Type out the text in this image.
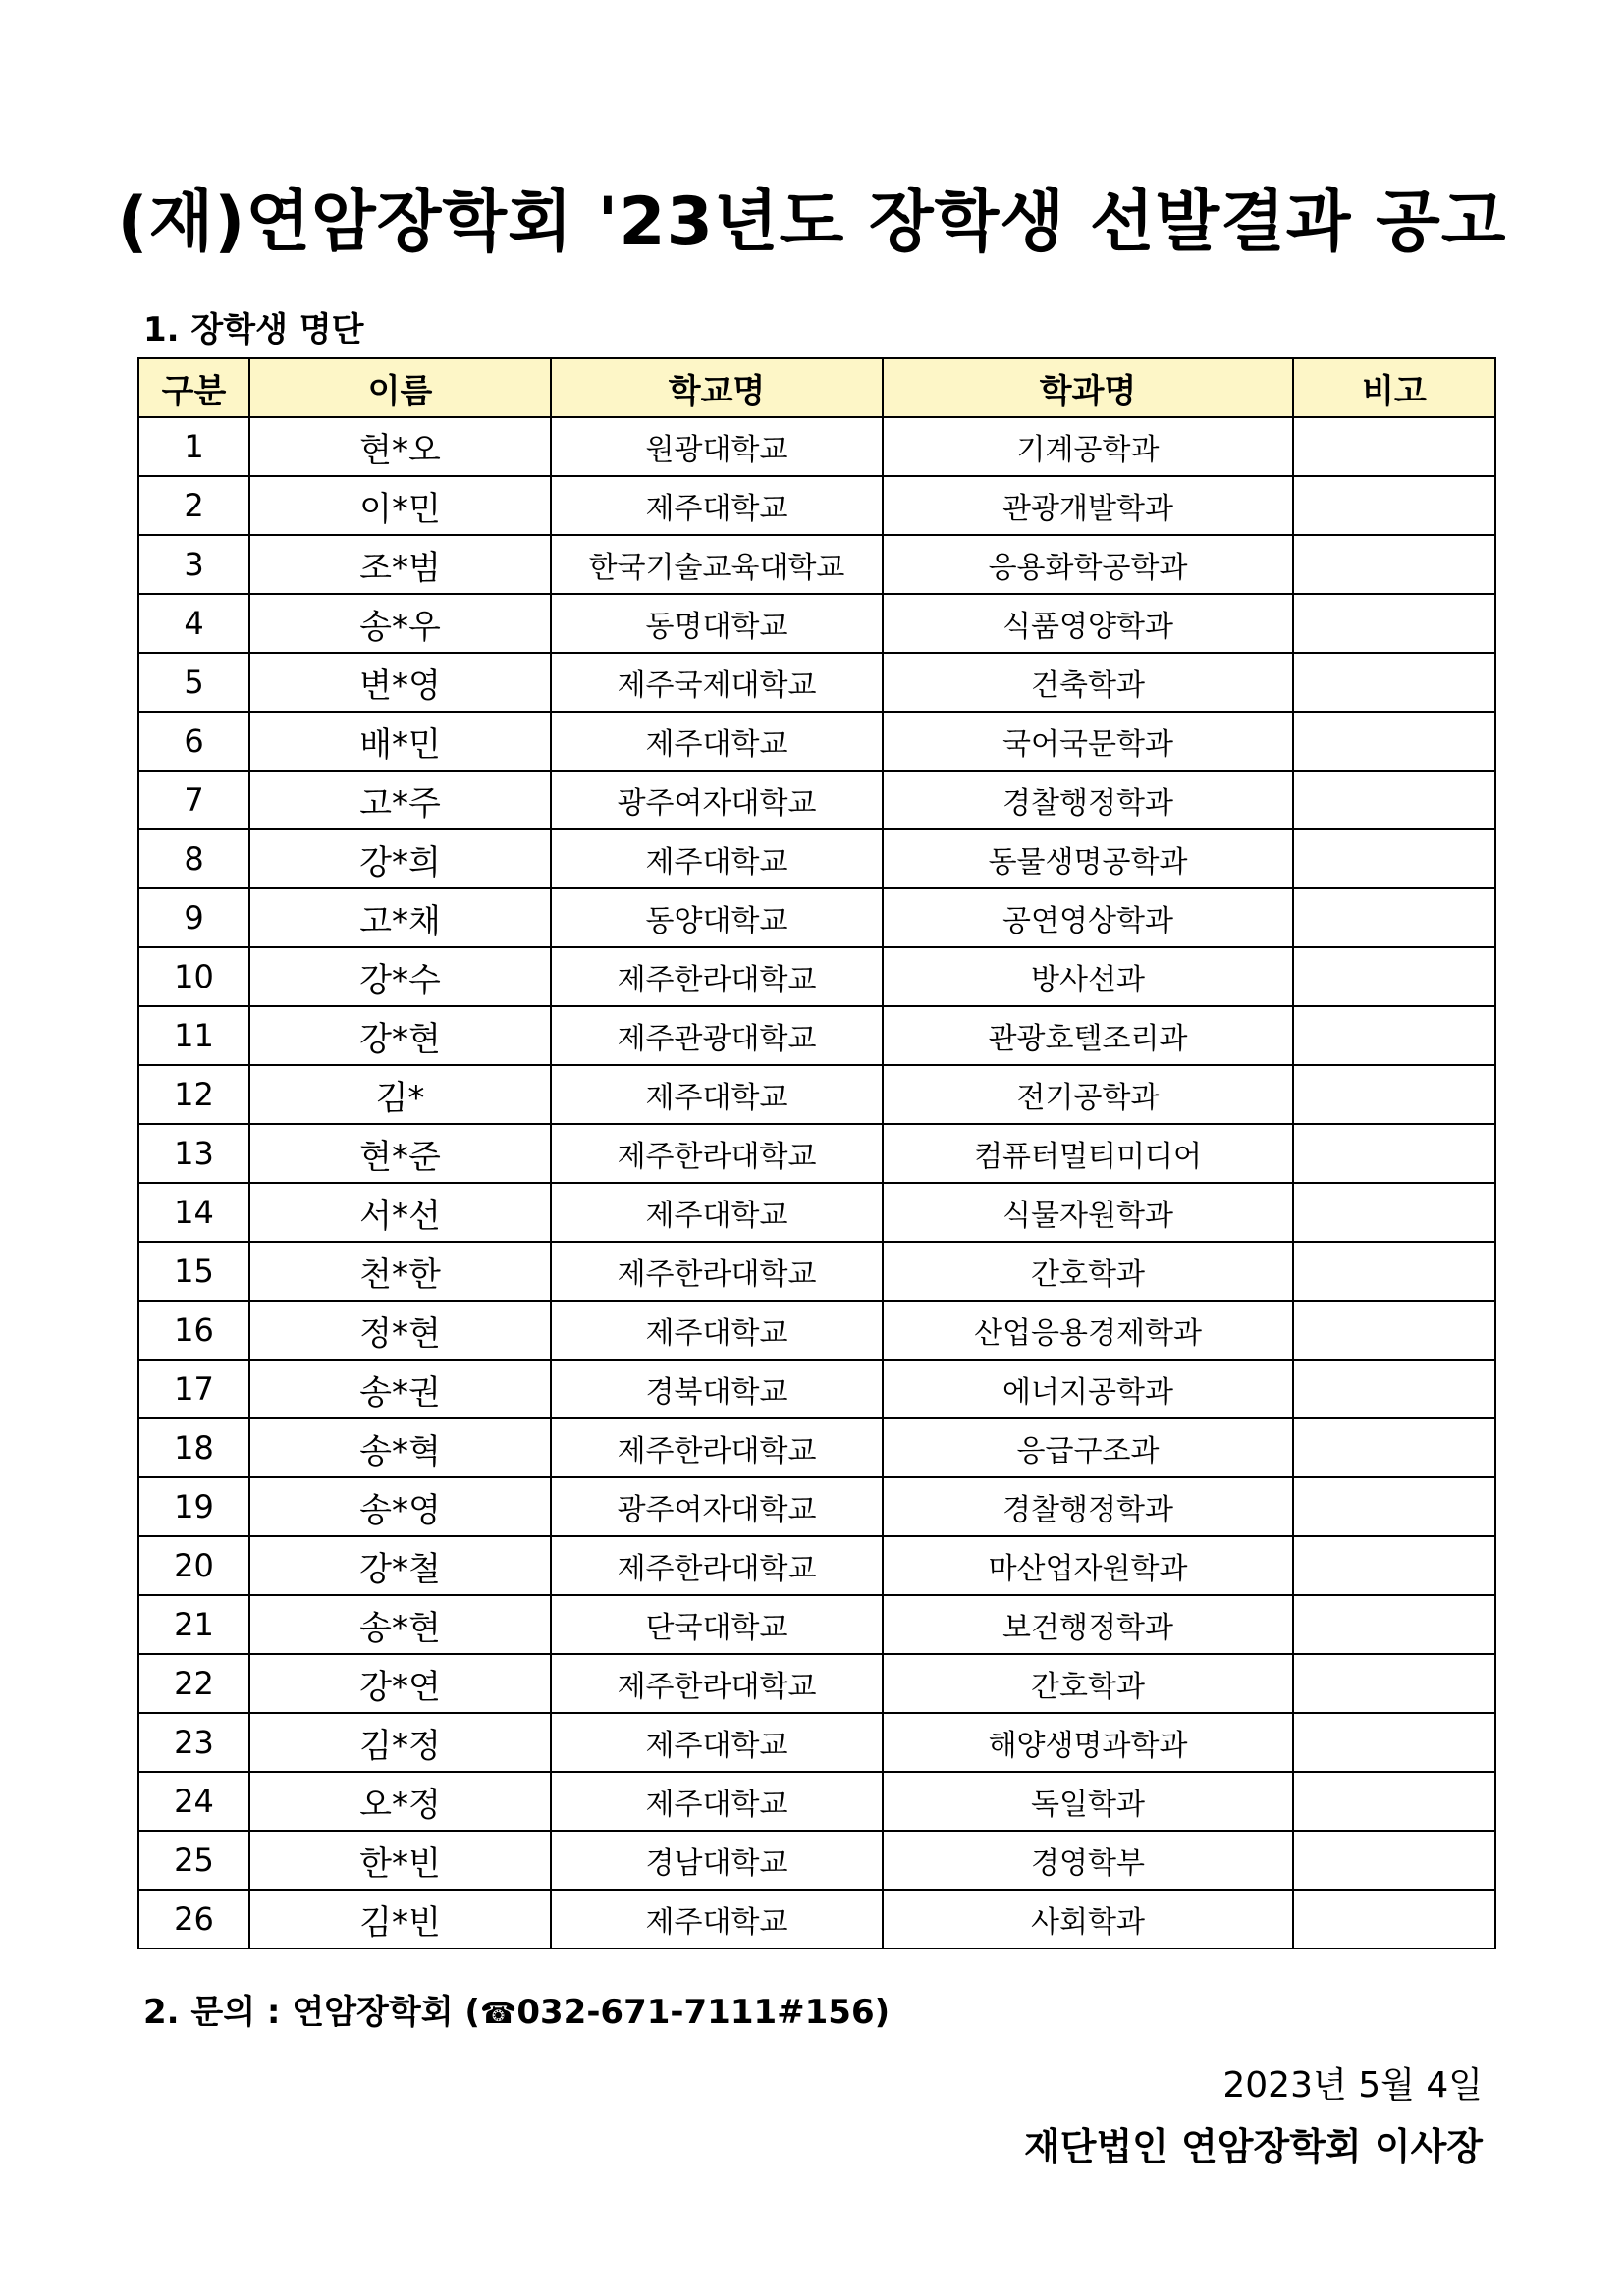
(재)연암장학회 '23년도 장학생 선발결과 공고
1. 장학생 명단
구분	이름	학교명	학과명	비고
1	현*오	원광대학교	기계공학과	
2	이*민	제주대학교	관광개발학과	
3	조*범	한국기술교육대학교	응용화학공학과	
4	송*우	동명대학교	식품영양학과	
5	변*영	제주국제대학교	건축학과	
6	배*민	제주대학교	국어국문학과	
7	고*주	광주여자대학교	경찰행정학과	
8	강*희	제주대학교	동물생명공학과	
9	고*채	동양대학교	공연영상학과	
10	강*수	제주한라대학교	방사선과	
11	강*현	제주관광대학교	관광호텔조리과	
12	김*	제주대학교	전기공학과	
13	현*준	제주한라대학교	컴퓨터멀티미디어	
14	서*선	제주대학교	식물자원학과	
15	천*한	제주한라대학교	간호학과	
16	정*현	제주대학교	산업응용경제학과	
17	송*권	경북대학교	에너지공학과	
18	송*혁	제주한라대학교	응급구조과	
19	송*영	광주여자대학교	경찰행정학과	
20	강*철	제주한라대학교	마산업자원학과	
21	송*현	단국대학교	보건행정학과	
22	강*연	제주한라대학교	간호학과	
23	김*정	제주대학교	해양생명과학과	
24	오*정	제주대학교	독일학과	
25	한*빈	경남대학교	경영학부	
26	김*빈	제주대학교	사회학과	
2. 문의 : 연암장학회 (☎032-671-7111#156)
2023년 5월 4일
재단법인 연암장학회 이사장
